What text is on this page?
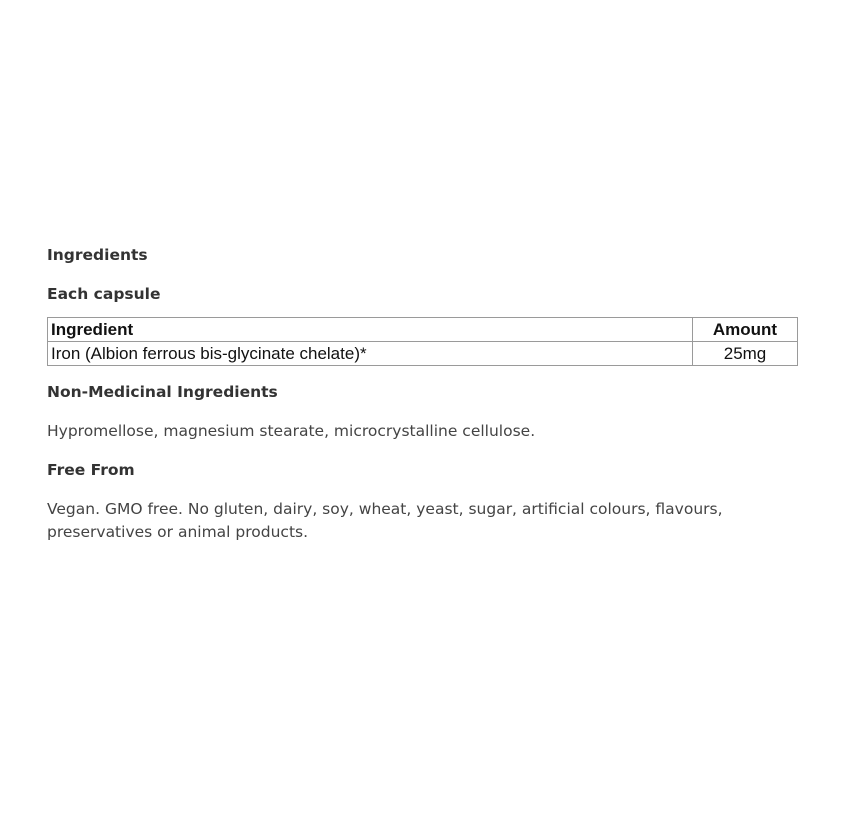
Ingredients
Each capsule
Ingredient	Amount
Iron (Albion ferrous bis-glycinate chelate)*	25mg
Non-Medicinal Ingredients

Hypromellose, magnesium stearate, microcrystalline cellulose.

Free From

Vegan. GMO free. No gluten, dairy, soy, wheat, yeast, sugar, artificial colours, flavours, preservatives or animal products.
